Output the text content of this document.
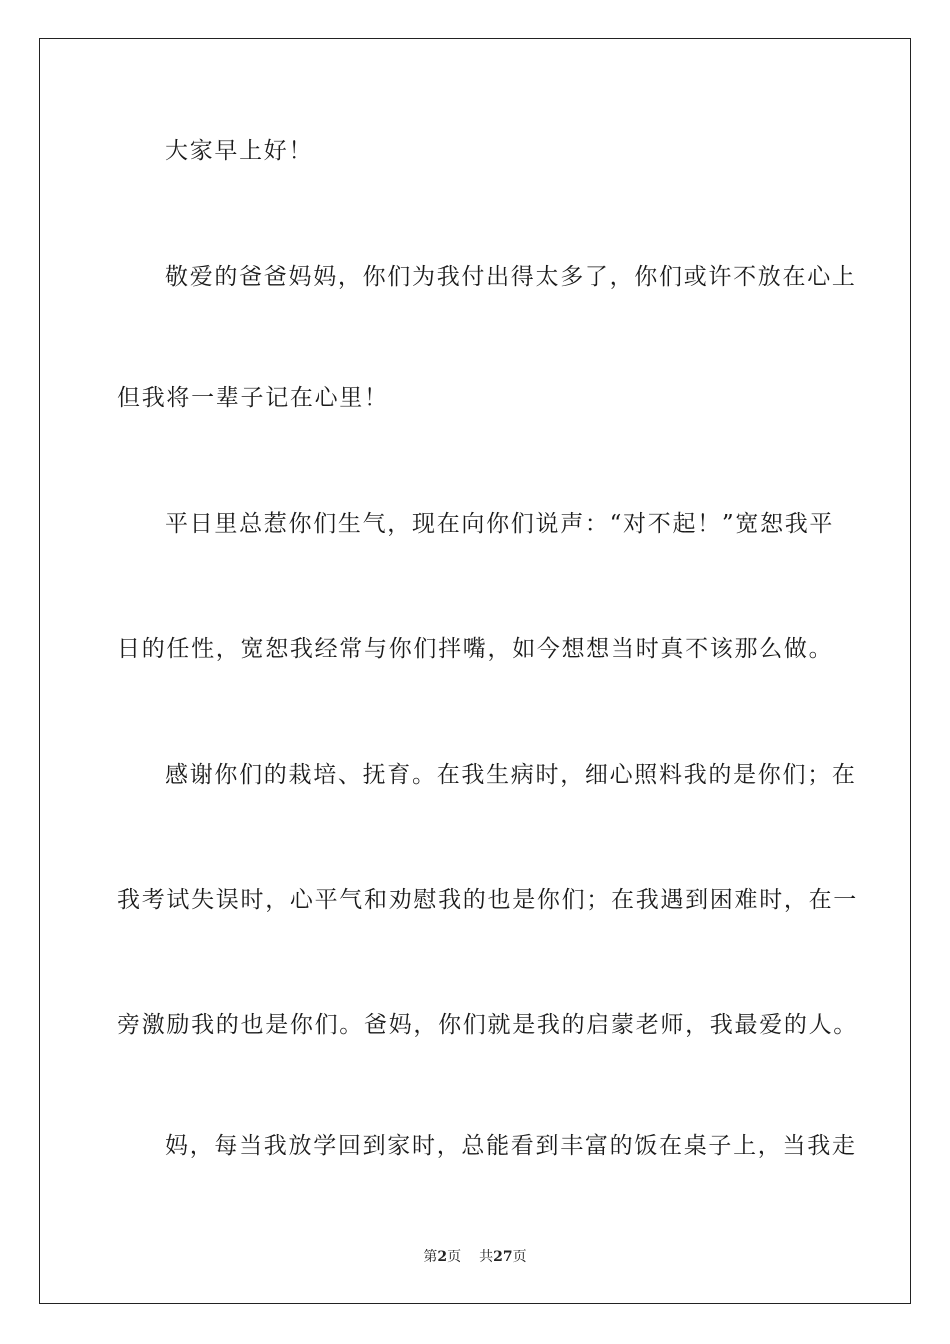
大家早上好！
敬爱的爸爸妈妈，你们为我付出得太多了，你们或许不放在心上
但我将一辈子记在心里！
平日里总惹你们生气，现在向你们说声：“对不起！”宽恕我平
日的任性，宽恕我经常与你们拌嘴，如今想想当时真不该那么做。
感谢你们的栽培、抚育。在我生病时，细心照料我的是你们；在
我考试失误时，心平气和劝慰我的也是你们；在我遇到困难时，在一
旁激励我的也是你们。爸妈，你们就是我的启蒙老师，我最爱的人。
妈，每当我放学回到家时，总能看到丰富的饭在桌子上，当我走
第2页 共27页
